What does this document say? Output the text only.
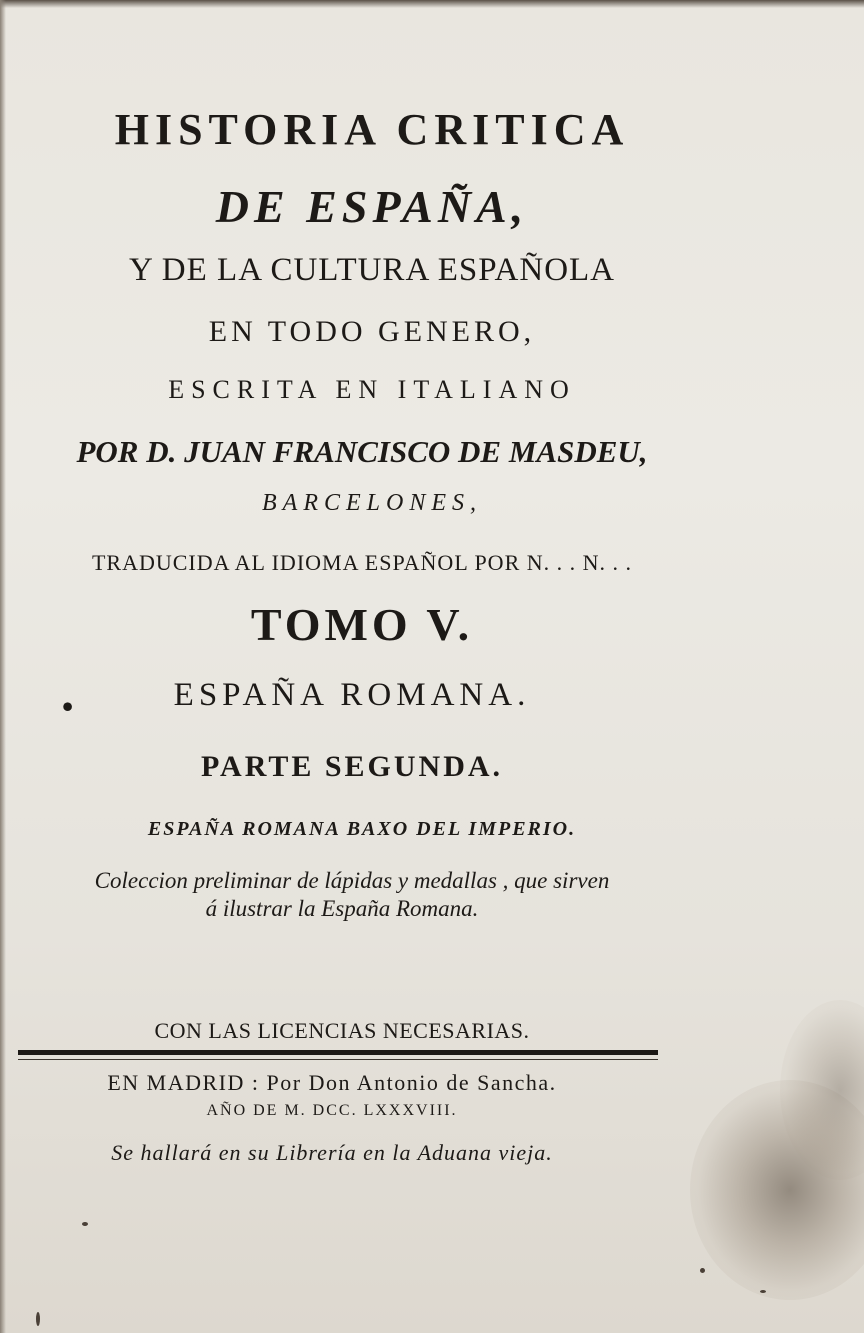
HISTORIA CRITICA
DE ESPAÑA,
Y DE LA CULTURA ESPAÑOLA
EN TODO GENERO,
ESCRITA EN ITALIANO
POR D. JUAN FRANCISCO DE MASDEU,
BARCELONES,
TRADUCIDA AL IDIOMA ESPAÑOL POR N. . . N. . .
TOMO V.
•	ESPAÑA ROMANA.
PARTE SEGUNDA.
ESPAÑA ROMANA BAXO DEL IMPERIO.
Coleccion preliminar de lápidas y medallas , que sirven
á ilustrar la España Romana.
CON LAS LICENCIAS NECESARIAS.
EN MADRID : Por Don Antonio de Sancha.
AÑO DE M. DCC. LXXXVIII.
Se hallará en su Librería en la Aduana vieja.
